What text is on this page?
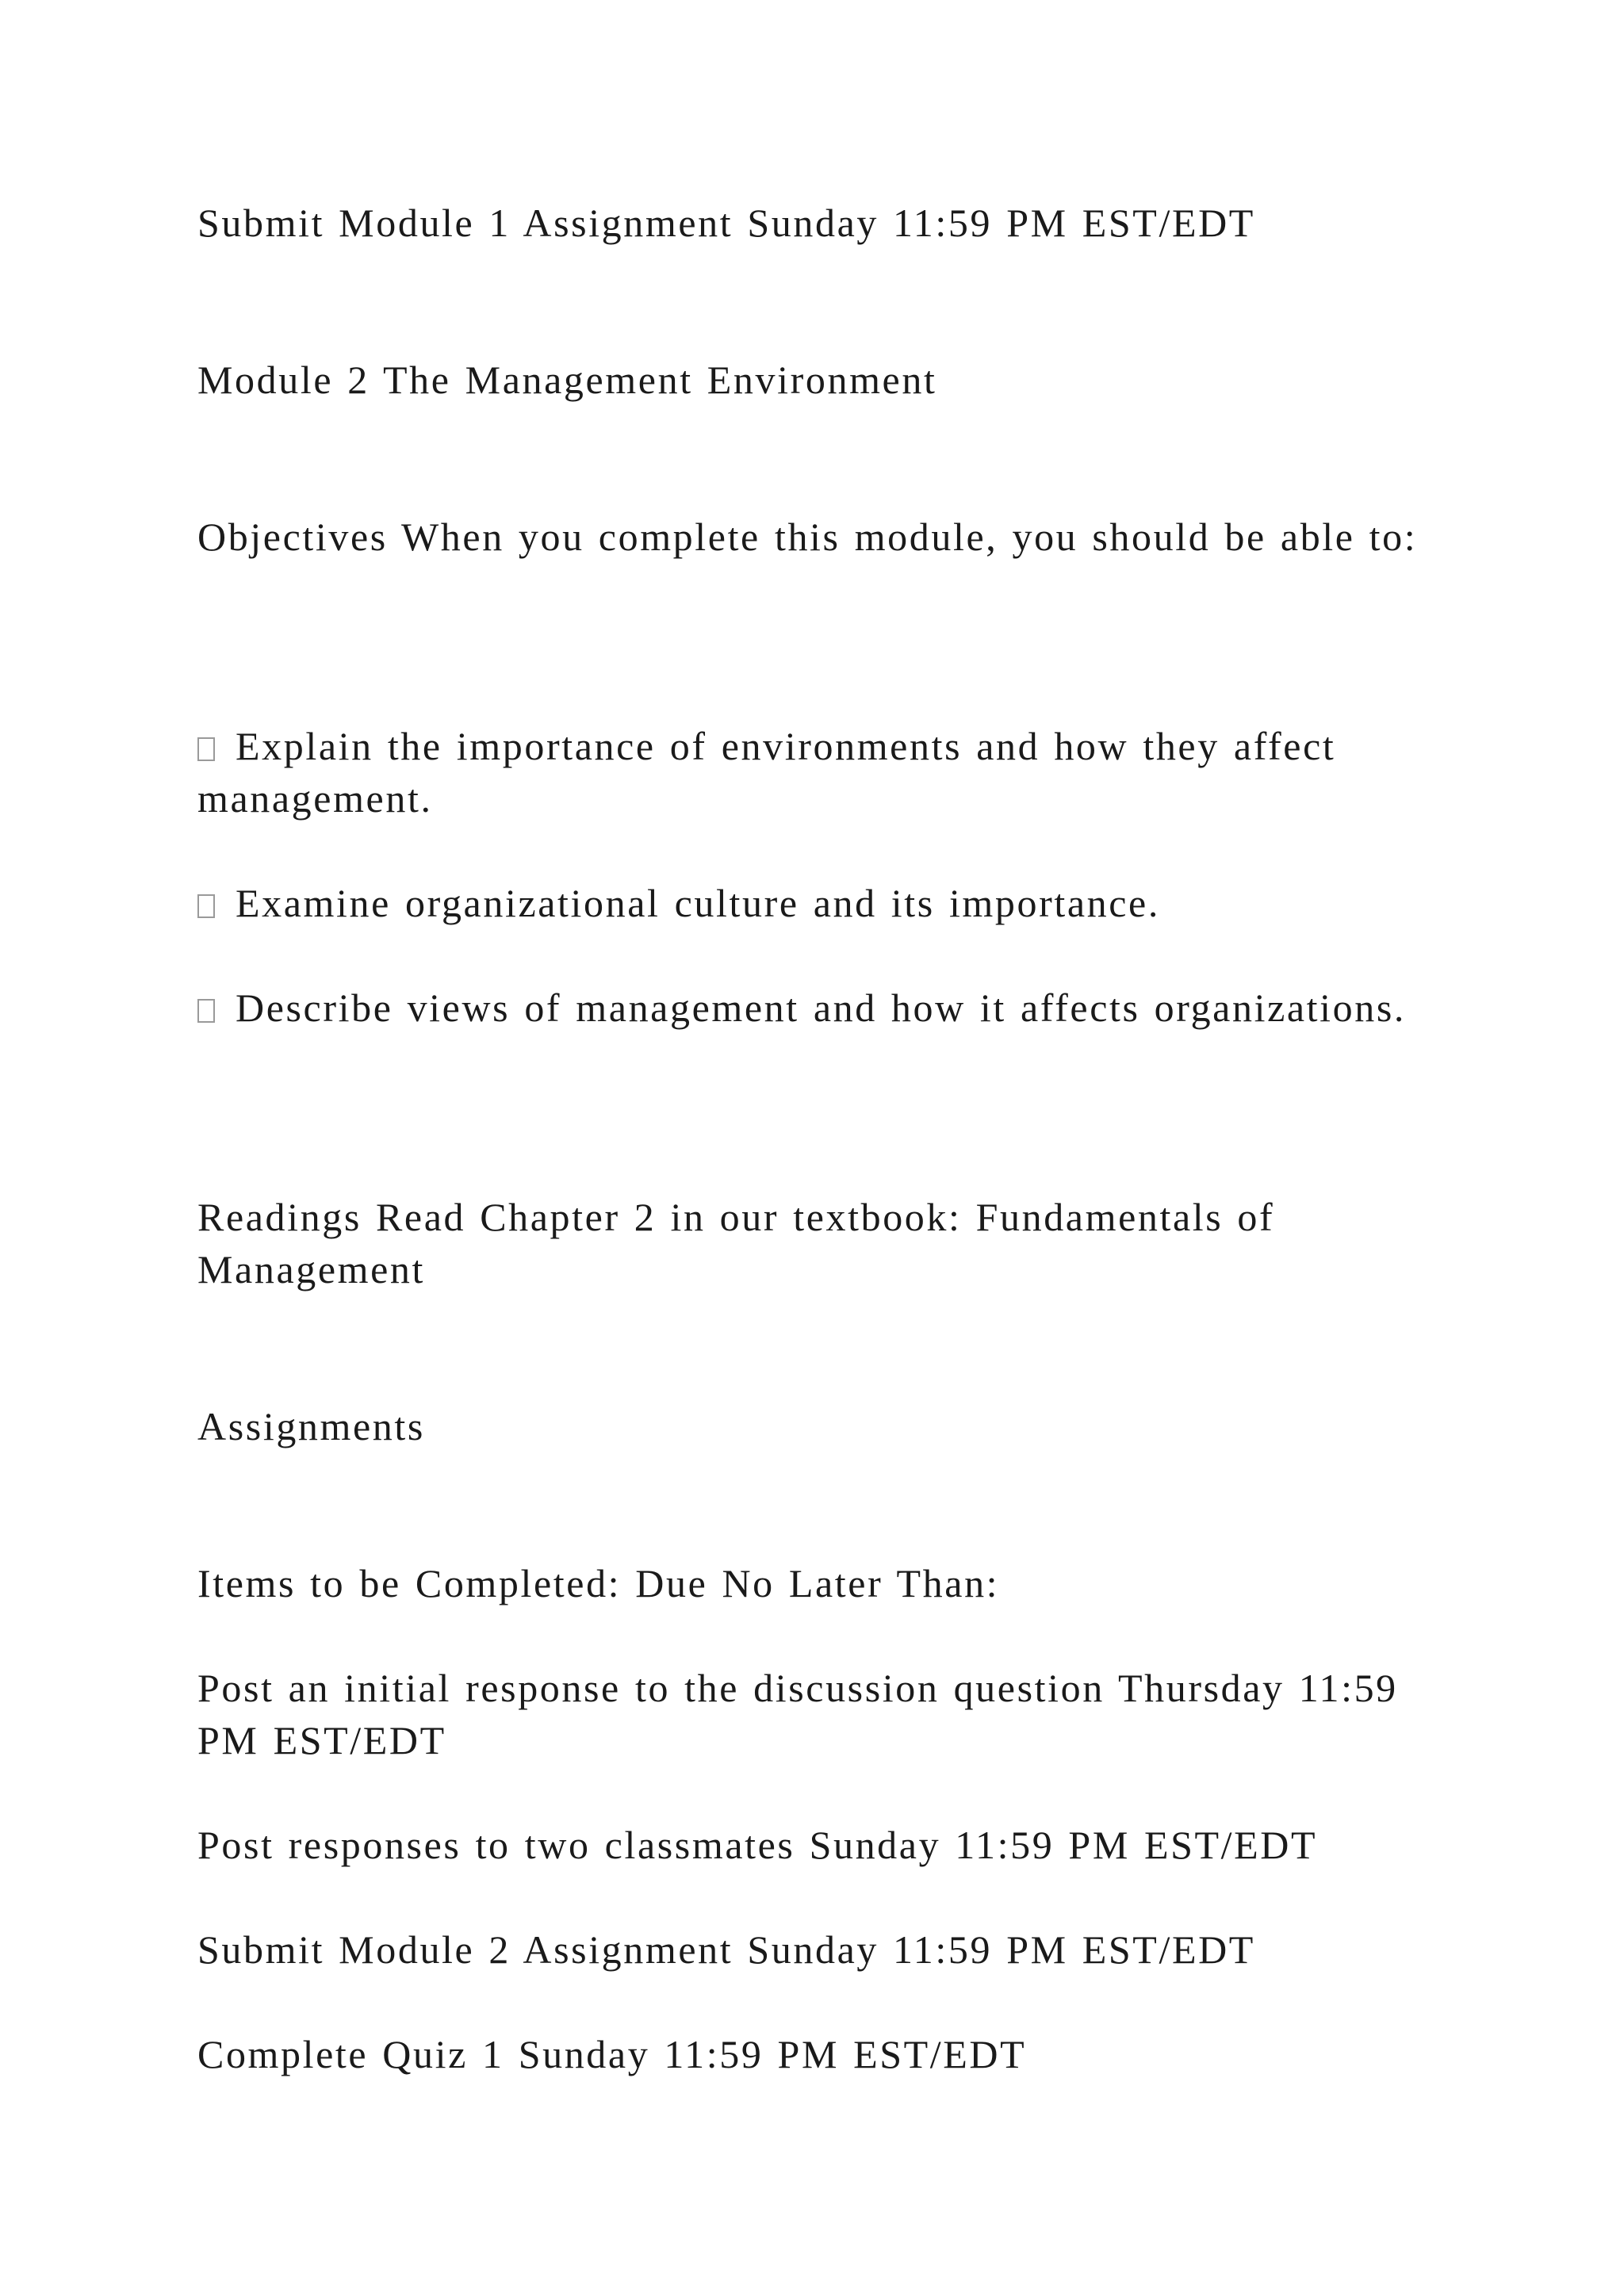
Submit Module 1 Assignment Sunday 11:59 PM EST/EDT

Module 2 The Management Environment

Objectives When you complete this module, you should be able to:

Explain the importance of environments and how they affect management.

Examine organizational culture and its importance.

Describe views of management and how it affects organizations.

Readings Read Chapter 2 in our textbook: Fundamentals of Management

Assignments

Items to be Completed: Due No Later Than:

Post an initial response to the discussion question Thursday 11:59 PM EST/EDT

Post responses to two classmates Sunday 11:59 PM EST/EDT

Submit Module 2 Assignment Sunday 11:59 PM EST/EDT

Complete Quiz 1 Sunday 11:59 PM EST/EDT
